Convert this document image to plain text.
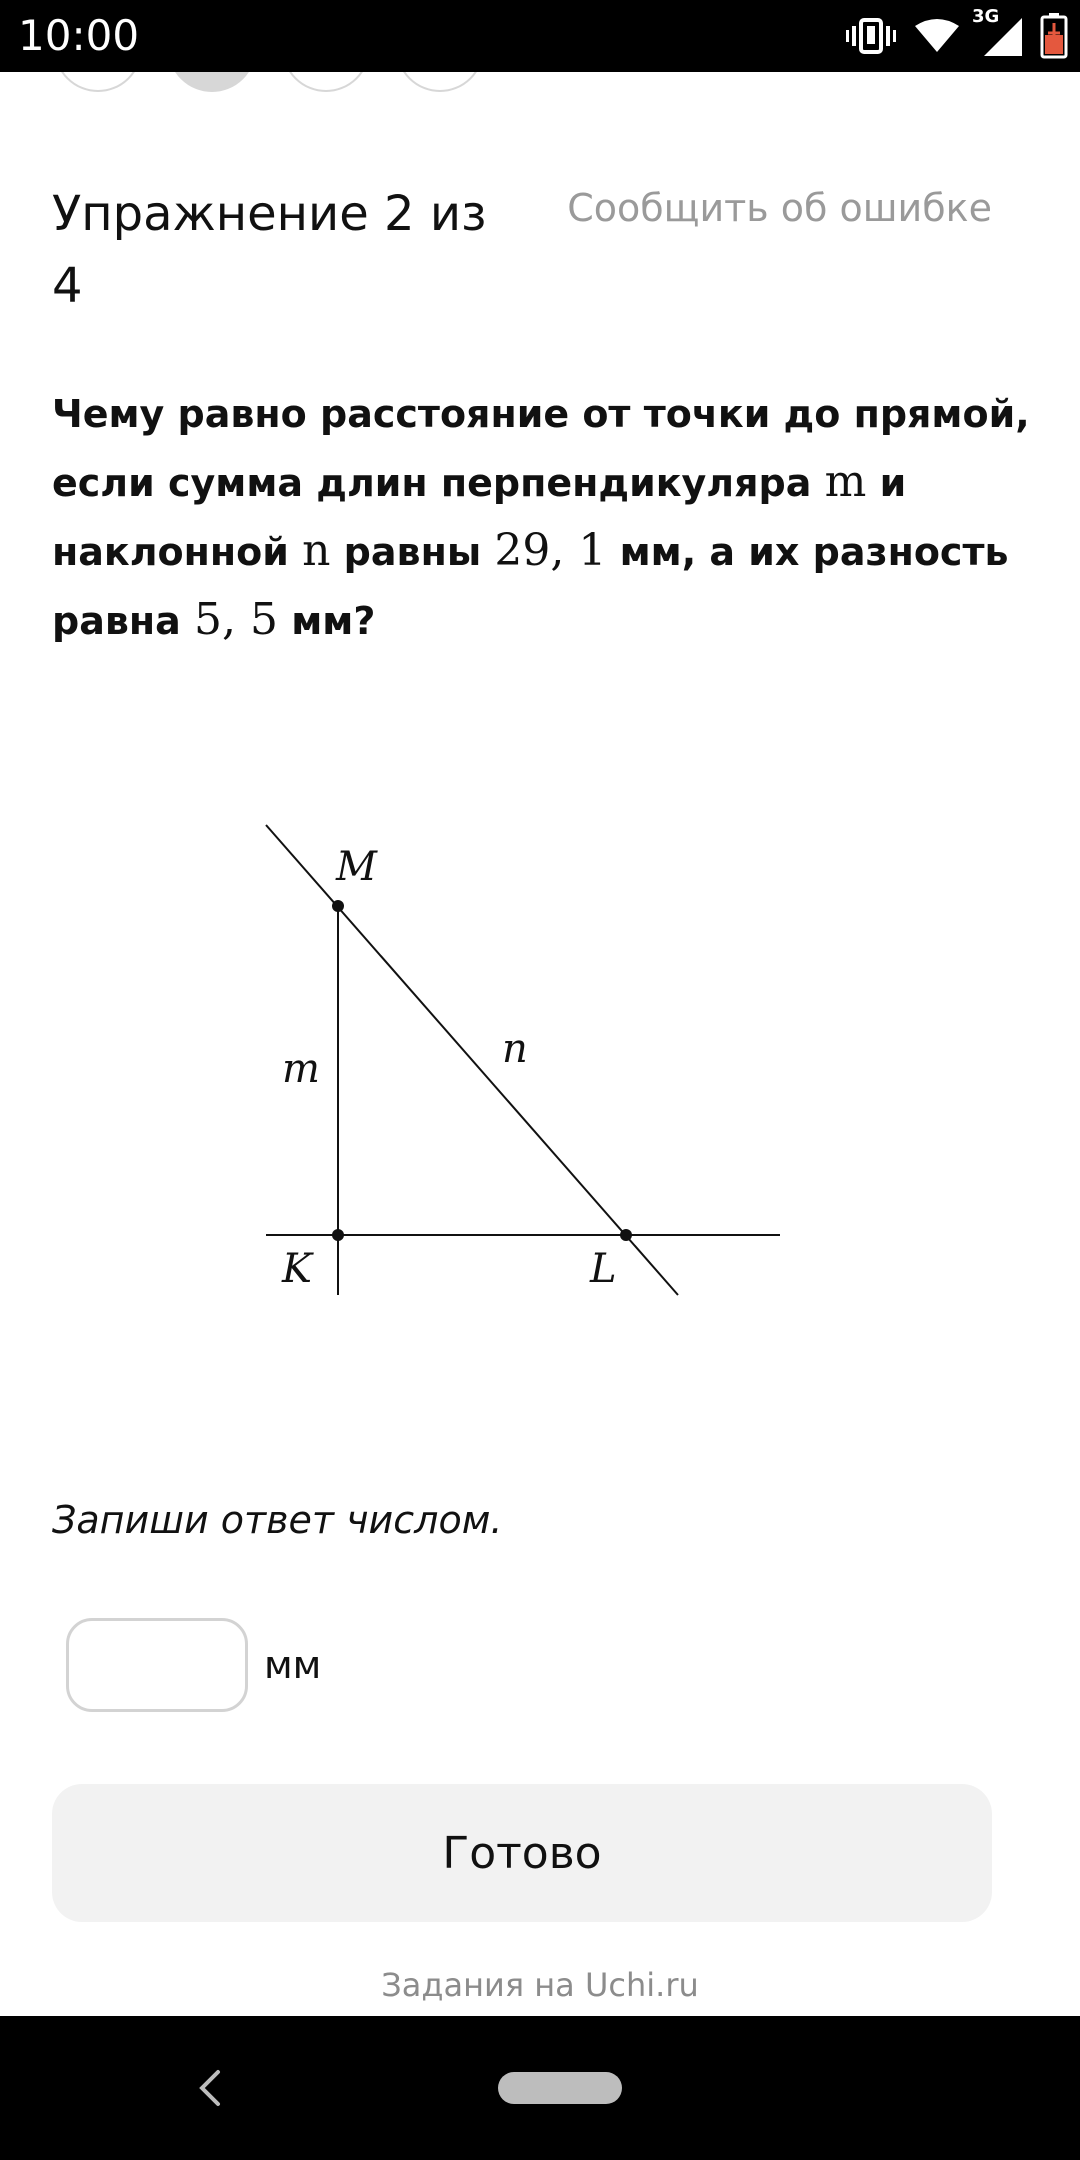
10:00	3G
Упражнение 2 из 4
Сообщить об ошибке

Чему равно расстояние от точки до прямой, если сумма длин перпендикуляра m и наклонной n равны 29, 1 мм, а их разность равна 5, 5 мм?

M
K	L
m	n

Запиши ответ числом.

мм
Готово
Задания на Uchi.ru
